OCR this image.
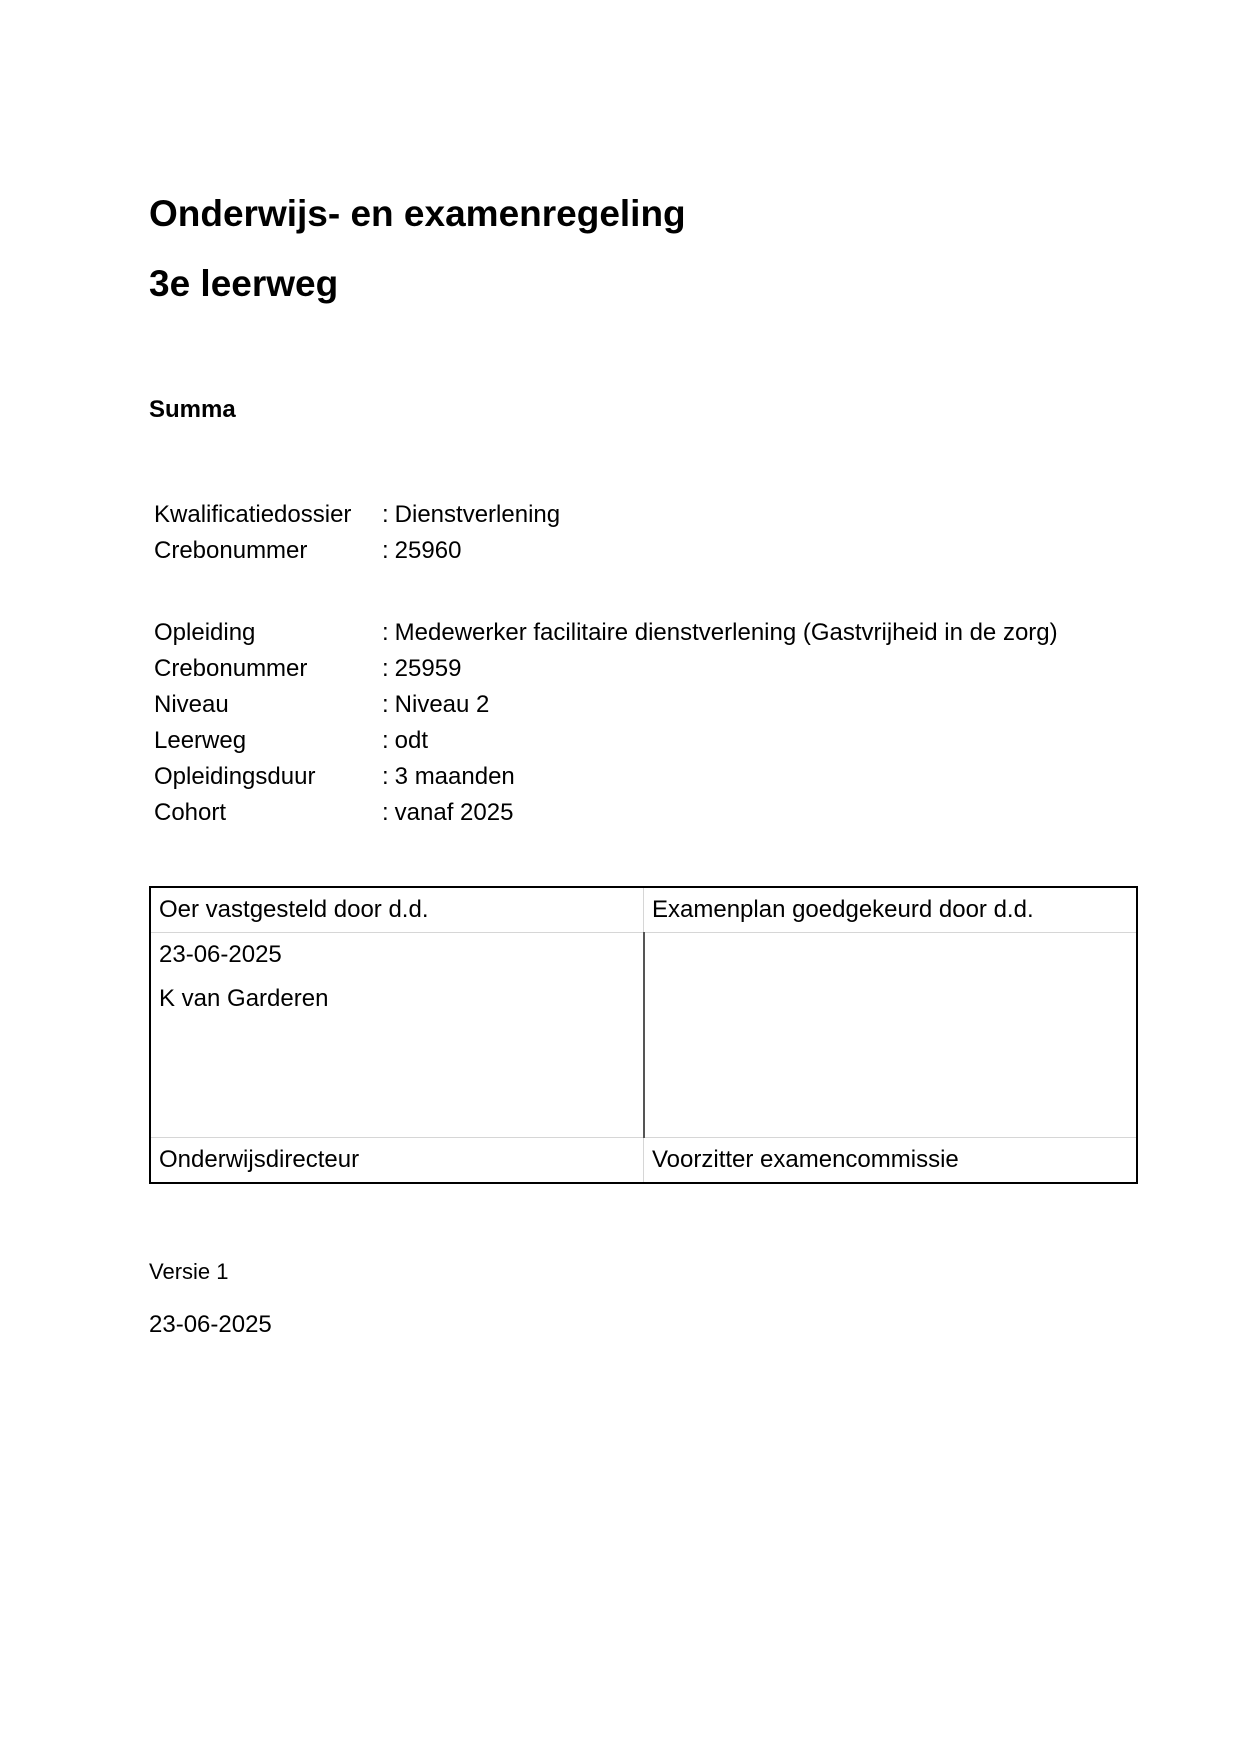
Onderwijs- en examenregeling
3e leerweg

Summa

Kwalificatiedossier	: Dienstverlening
Crebonummer	: 25960
Opleiding	: Medewerker facilitaire dienstverlening (Gastvrijheid in de zorg)
Crebonummer	: 25959
Niveau	: Niveau 2
Leerweg	: odt
Opleidingsduur	: 3 maanden
Cohort	: vanaf 2025
Oer vastgesteld door d.d.	Examenplan goedgekeurd door d.d.

23-06-2025
K van Garderen	

Onderwijsdirecteur	Voorzitter examencommissie

Versie 1

23-06-2025
